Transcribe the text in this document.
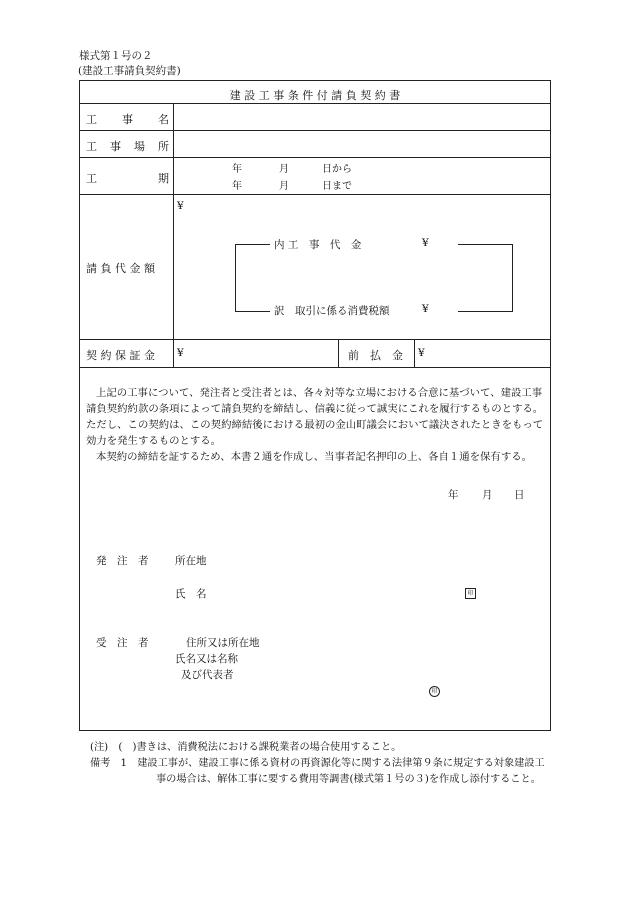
様式第１号の２
(建設工事請負契約書)
建 設 工 事 条 件 付 請 負 契 約 書
工 事 名
工 事 場 所
工	期
年	月	日から
年	月	日まで
請 負 代 金 額
¥
内 工　事　代　金	¥
訳　取引に係る消費税額	¥
契 約 保 証 金 ¥	前　払　金 ¥

上記の工事について、発注者と受注者とは、各々対等な立場における合意に基づいて、建設工事請負契約約款の条項によって請負契約を締結し、信義に従って誠実にこれを履行するものとする。ただし、この契約は、この契約締結後における最初の金山町議会において議決されたときをもって効力を発生するものとする。

本契約の締結を証するため、本書２通を作成し、当事者記名押印の上、各自１通を保有する。

年 月 日
発　注　者	所在地
氏　名	印
受　注　者	住所又は所在地
氏名又は名称
及び代表者
印
(注)　(　)書きは、消費税法における課税業者の場合使用すること。
備考　1　建設工事が、建設工事に係る資材の再資源化等に関する法律第９条に規定する対象建設工
事の場合は、解体工事に要する費用等調書(様式第１号の３)を作成し添付すること。
